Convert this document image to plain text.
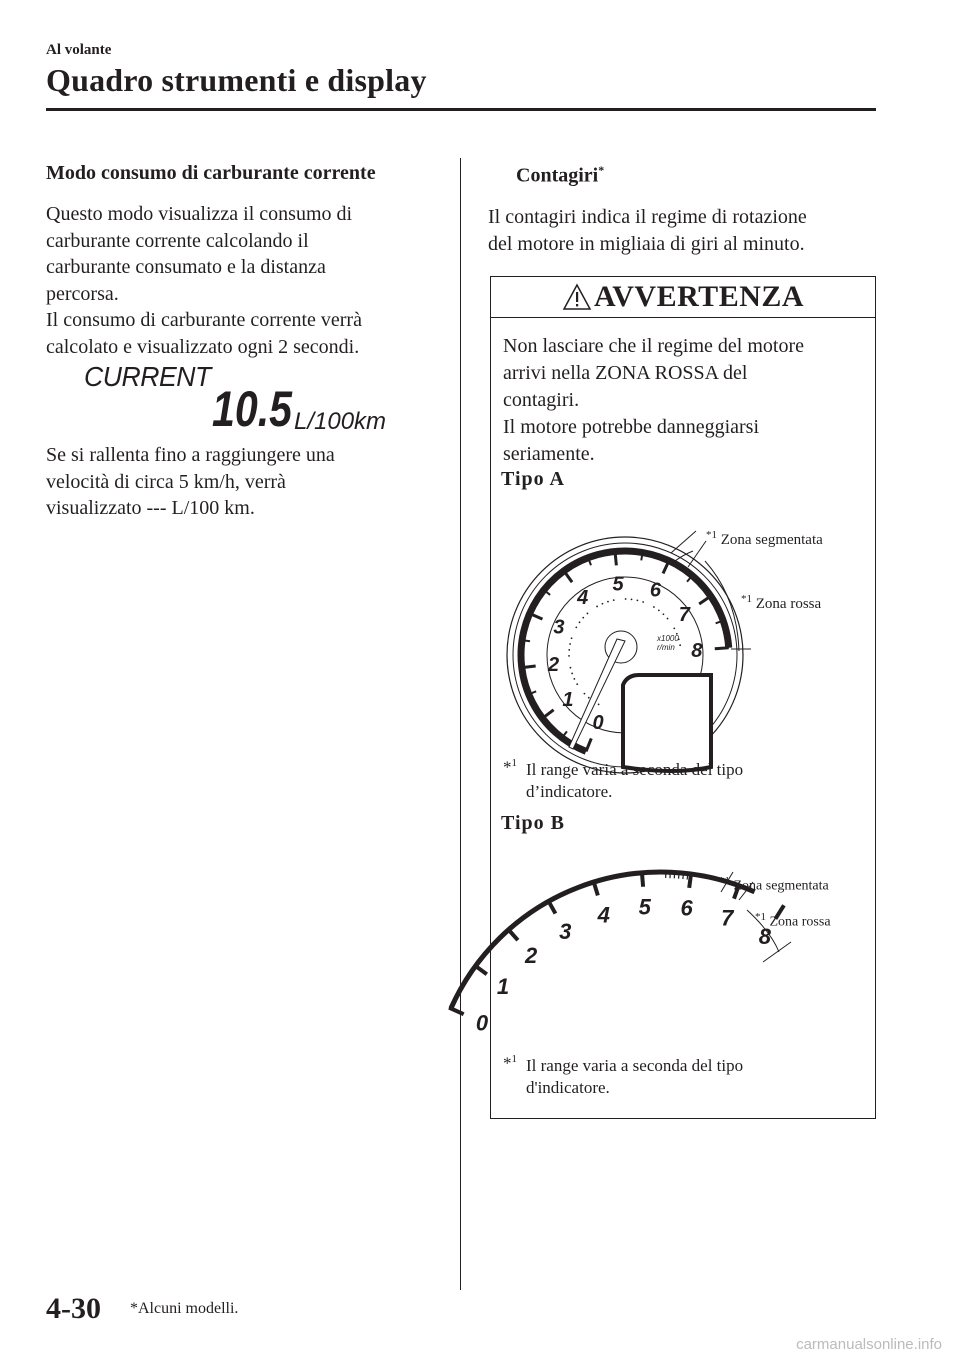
Al volante
Quadro strumenti e display
Modo consumo di carburante corrente
Questo modo visualizza il consumo di
carburante corrente calcolando il
carburante consumato e la distanza
percorsa.
Il consumo di carburante corrente verrà
calcolato e visualizzato ogni 2 secondi.
CURRENT
10.5 L/100km
Se si rallenta fino a raggiungere una
velocità di circa 5 km/h, verrà
visualizzato --- L/100 km.
Contagiri*
Il contagiri indica il regime di rotazione
del motore in migliaia di giri al minuto.
AVVERTENZA
Non lasciare che il regime del motore
arrivi nella ZONA ROSSA del
contagiri.
Il motore potrebbe danneggiarsi
seriamente.
Tipo A
0
1
2
3
4
5 6
7
8
x1000
r/min
$^{*1}$ Zona segmentata
$^{*1}$ Zona rossa
*$^1$ Il range varia a seconda del tipo
d’indicatore.
Tipo B
0
1
2
3
4 5 6 7
8
$^{*1}$ Zona segmentata
$^{*1}$ Zona rossa
*$^1$ Il range varia a seconda del tipo
d'indicatore.
4-30 *Alcuni modelli.
carmanualsonline.info
